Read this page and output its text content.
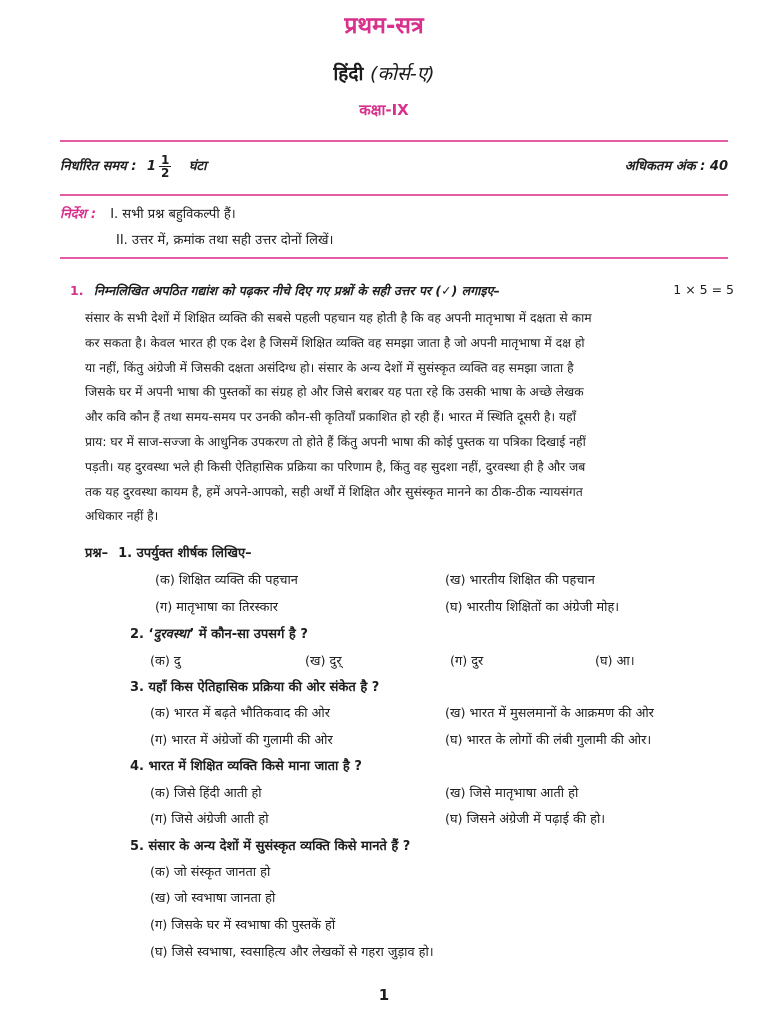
प्रथम-सत्र
हिंदी (कोर्स-ए)
कक्षा-IX
निर्धारित समय : $1 \frac{1}{2}$ घंटा	अधिकतम अंक : 40
निर्देश : I. सभी प्रश्न बहुविकल्पी हैं।
II. उत्तर में, क्रमांक तथा सही उत्तर दोनों लिखें।
1. निम्नलिखित अपठित गद्यांश को पढ़कर नीचे दिए गए प्रश्नों के सही उत्तर पर (✓) लगाइए–	1 × 5 = 5
संसार के सभी देशों में शिक्षित व्यक्ति की सबसे पहली पहचान यह होती है कि वह अपनी मातृभाषा में दक्षता से काम
कर सकता है। केवल भारत ही एक देश है जिसमें शिक्षित व्यक्ति वह समझा जाता है जो अपनी मातृभाषा में दक्ष हो
या नहीं, किंतु अंग्रेजी में जिसकी दक्षता असंदिग्ध हो। संसार के अन्य देशों में सुसंस्कृत व्यक्ति वह समझा जाता है
जिसके घर में अपनी भाषा की पुस्तकों का संग्रह हो और जिसे बराबर यह पता रहे कि उसकी भाषा के अच्छे लेखक
और कवि कौन हैं तथा समय-समय पर उनकी कौन-सी कृतियाँ प्रकाशित हो रही हैं। भारत में स्थिति दूसरी है। यहाँ
प्राय: घर में साज-सज्जा के आधुनिक उपकरण तो होते हैं किंतु अपनी भाषा की कोई पुस्तक या पत्रिका दिखाई नहीं
पड़ती। यह दुरवस्था भले ही किसी ऐतिहासिक प्रक्रिया का परिणाम है, किंतु वह सुदशा नहीं, दुरवस्था ही है और जब
तक यह दुरवस्था कायम है, हमें अपने-आपको, सही अर्थों में शिक्षित और सुसंस्कृत मानने का ठीक-ठीक न्यायसंगत
अधिकार नहीं है।
प्रश्न– 1. उपर्युक्त शीर्षक लिखिए–
(क) शिक्षित व्यक्ति की पहचान	(ख) भारतीय शिक्षित की पहचान
(ग) मातृभाषा का तिरस्कार	(घ) भारतीय शिक्षितों का अंग्रेजी मोह।
2. ‘दुरवस्था’ में कौन-सा उपसर्ग है ?
(क) दु	(ख) दुर्	(ग) दुर	(घ) आ।
3. यहाँ किस ऐतिहासिक प्रक्रिया की ओर संकेत है ?
(क) भारत में बढ़ते भौतिकवाद की ओर	(ख) भारत में मुसलमानों के आक्रमण की ओर
(ग) भारत में अंग्रेजों की गुलामी की ओर	(घ) भारत के लोगों की लंबी गुलामी की ओर।
4. भारत में शिक्षित व्यक्ति किसे माना जाता है ?
(क) जिसे हिंदी आती हो	(ख) जिसे मातृभाषा आती हो
(ग) जिसे अंग्रेजी आती हो	(घ) जिसने अंग्रेजी में पढ़ाई की हो।
5. संसार के अन्य देशों में सुसंस्कृत व्यक्ति किसे मानते हैं ?
(क) जो संस्कृत जानता हो
(ख) जो स्वभाषा जानता हो
(ग) जिसके घर में स्वभाषा की पुस्तकें हों
(घ) जिसे स्वभाषा, स्वसाहित्य और लेखकों से गहरा जुड़ाव हो।
1
